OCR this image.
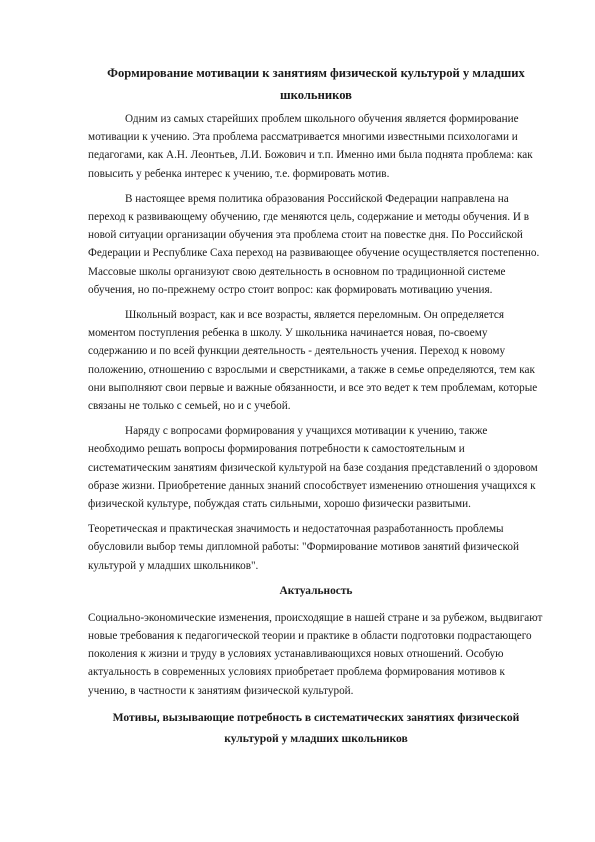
Формирование мотивации к занятиям физической культурой у младших школьников

Одним из самых старейших проблем школьного обучения является формирование мотивации к учению. Эта проблема рассматривается многими известными психологами и педагогами, как А.Н. Леонтьев, Л.И. Божович и т.п. Именно ими была поднята проблема: как повысить у ребенка интерес к учению, т.е. формировать мотив.

В настоящее время политика образования Российской Федерации направлена на переход к развивающему обучению, где меняются цель, содержание и методы обучения. И в новой ситуации организации обучения эта проблема стоит на повестке дня. По Российской Федерации и Республике Саха переход на развивающее обучение осуществляется постепенно. Массовые школы организуют свою деятельность в основном по традиционной системе обучения, но по-прежнему остро стоит вопрос: как формировать мотивацию учения.

Школьный возраст, как и все возрасты, является переломным. Он определяется моментом поступления ребенка в школу. У школьника начинается новая, по-своему содержанию и по всей функции деятельность - деятельность учения. Переход к новому положению, отношению с взрослыми и сверстниками, а также в семье определяются, тем как они выполняют свои первые и важные обязанности, и все это ведет к тем проблемам, которые связаны не только с семьей, но и с учебой.

Наряду с вопросами формирования у учащихся мотивации к учению, также необходимо решать вопросы формирования потребности к самостоятельным и систематическим занятиям физической культурой на базе создания представлений о здоровом образе жизни. Приобретение данных знаний способствует изменению отношения учащихся к физической культуре, побуждая стать сильными, хорошо физически развитыми.

Теоретическая и практическая значимость и недостаточная разработанность проблемы обусловили выбор темы дипломной работы: "Формирование мотивов занятий физической культурой у младших школьников".

Актуальность

Социально-экономические изменения, происходящие в нашей стране и за рубежом, выдвигают новые требования к педагогической теории и практике в области подготовки подрастающего поколения к жизни и труду в условиях устанавливающихся новых отношений. Особую актуальность в современных условиях приобретает проблема формирования мотивов к учению, в частности к занятиям физической культурой.

Мотивы, вызывающие потребность в систематических занятиях физической культурой у младших школьников
